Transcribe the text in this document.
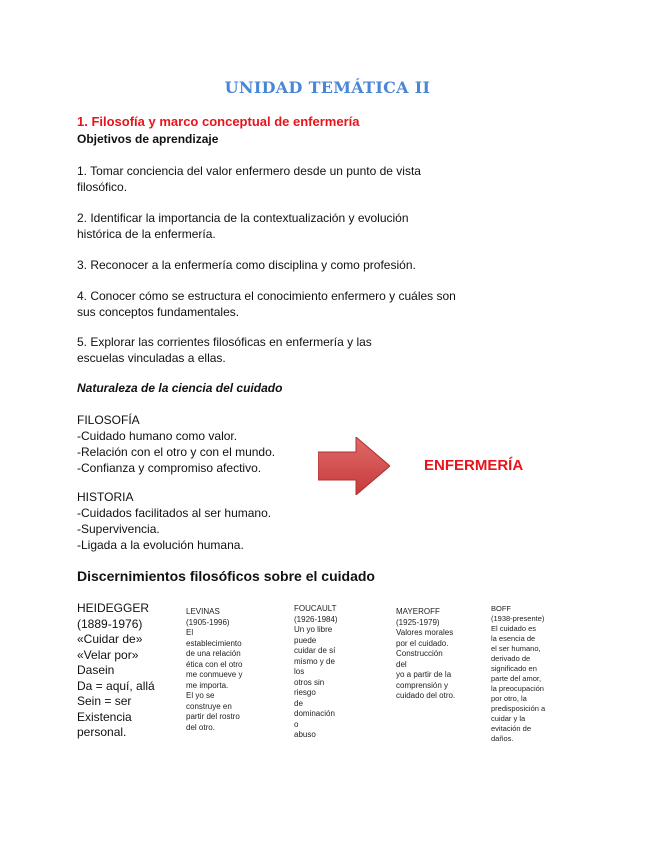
UNIDAD TEMÁTICA II
1. Filosofía y marco conceptual de enfermería
Objetivos de aprendizaje
1. Tomar conciencia del valor enfermero desde un punto de vista
filosófico.
2. Identificar la importancia de la contextualización y evolución
histórica de la enfermería.
3. Reconocer a la enfermería como disciplina y como profesión.
4. Conocer cómo se estructura el conocimiento enfermero y cuáles son
sus conceptos fundamentales.
5. Explorar las corrientes filosóficas en enfermería y las
escuelas vinculadas a ellas.
Naturaleza de la ciencia del cuidado
FILOSOFÍA
-Cuidado humano como valor.
-Relación con el otro y con el mundo.
-Confianza y compromiso afectivo.
HISTORIA
-Cuidados facilitados al ser humano.
-Supervivencia.
-Ligada a la evolución humana.
ENFERMERÍA
Discernimientos filosóficos sobre el cuidado
HEIDEGGER
(1889-1976)
«Cuidar de»
«Velar por»
Dasein
Da = aquí, allá
Sein = ser
Existencia
personal.
LEVINAS
(1905-1996)
El
establecimiento
de una relación
ética con el otro
me conmueve y
me importa.
El yo se
construye en
partir del rostro
del otro.
FOUCAULT
(1926-1984)
Un yo libre
puede
cuidar de sí
mismo y de
los
otros sin
riesgo
de
dominación
o
abuso
MAYEROFF
(1925-1979)
Valores morales
por el cuidado.
Construcción
del
yo a partir de la
comprensión y
cuidado del otro.
BOFF
(1938-presente)
El cuidado es
la esencia de
el ser humano,
derivado de
significado en
parte del amor,
la preocupación
por otro, la
predisposición a
cuidar y la
evitación de
daños.
